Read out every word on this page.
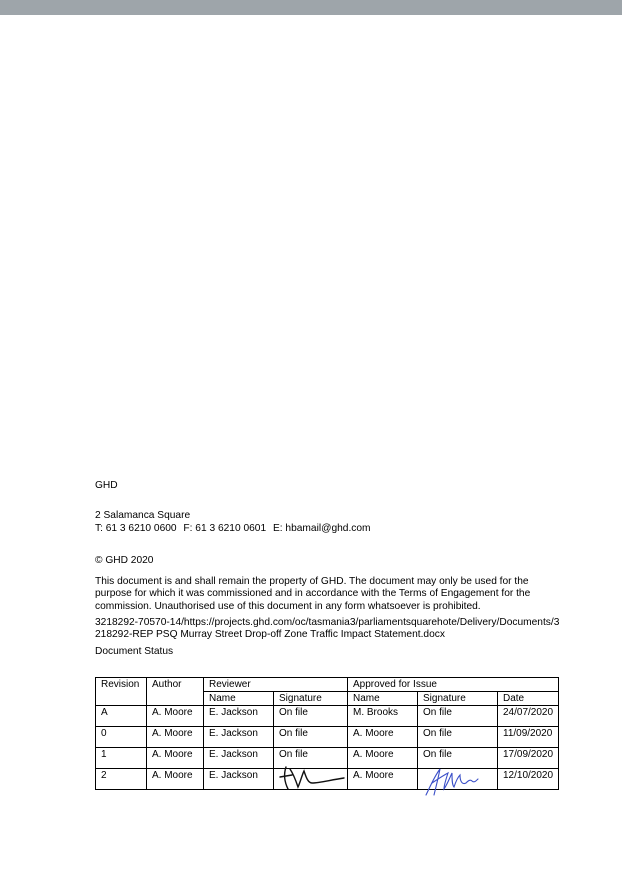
GHD
2 Salamanca Square
T: 61 3 6210 0600 F: 61 3 6210 0601 E: hbamail@ghd.com
© GHD 2020
This document is and shall remain the property of GHD. The document may only be used for the purpose for which it was commissioned and in accordance with the Terms of Engagement for the commission. Unauthorised use of this document in any form whatsoever is prohibited.
3218292-70570-14/https://projects.ghd.com/oc/tasmania3/parliamentsquarehote/Delivery/Documents/3218292-REP PSQ Murray Street Drop-off Zone Traffic Impact Statement.docx
Document Status
Revision	Author	Reviewer		Approved for Issue		
		Name	Signature	Name	Signature	Date
A	A. Moore	E. Jackson	On file	M. Brooks	On file	24/07/2020
0	A. Moore	E. Jackson	On file	A. Moore	On file	11/09/2020
1	A. Moore	E. Jackson	On file	A. Moore	On file	17/09/2020
2	A. Moore	E. Jackson		A. Moore		12/10/2020
